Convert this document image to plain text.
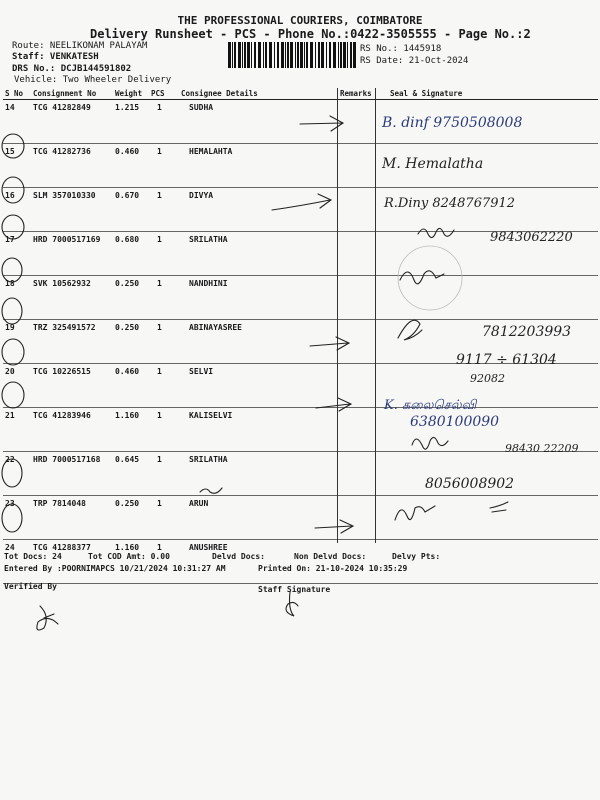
THE PROFESSIONAL COURIERS, COIMBATORE
Delivery Runsheet - PCS - Phone No.:0422-3505555 - Page No.:2
Route: NEELIKONAM PALAYAM
Staff: VENKATESH
DRS No.: DCJB144591802
Vehicle: Two Wheeler Delivery
RS No.: 1445918
RS Date: 21-Oct-2024
S No	Consignment No	Weight	PCS	Consignee Details	Remarks	Seal & Signature
14	TCG 41282849	1.215	1	SUDHA		
15	TCG 41282736	0.460	1	HEMALAHTA		
16	SLM 357010330	0.670	1	DIVYA		
17	HRD 7000517169	0.680	1	SRILATHA		
18	SVK 10562932	0.250	1	NANDHINI		
19	TRZ 325491572	0.250	1	ABINAYASREE		
20	TCG 10226515	0.460	1	SELVI		
21	TCG 41283946	1.160	1	KALISELVI		
22	HRD 7000517168	0.645	1	SRILATHA		
23	TRP 7814048	0.250	1	ARUN		
24	TCG 41288377	1.160	1	ANUSHREE		
B. dinf 9750508008
M. Hemalatha
R.Diny 8248767912
9843062220
7812203993
9117 ÷ 61304
92082
K. கலைசெல்வி
6380100090
98430 22209
8056008902
Tot Docs: 24	Tot COD Amt: 0.00	Delvd Docs:	Non Delvd Docs:	Delvy Pts:
Entered By :POORNIMAPCS 10/21/2024 10:31:27 AM	Printed On: 21-10-2024 10:35:29
Verified By	Staff Signature
